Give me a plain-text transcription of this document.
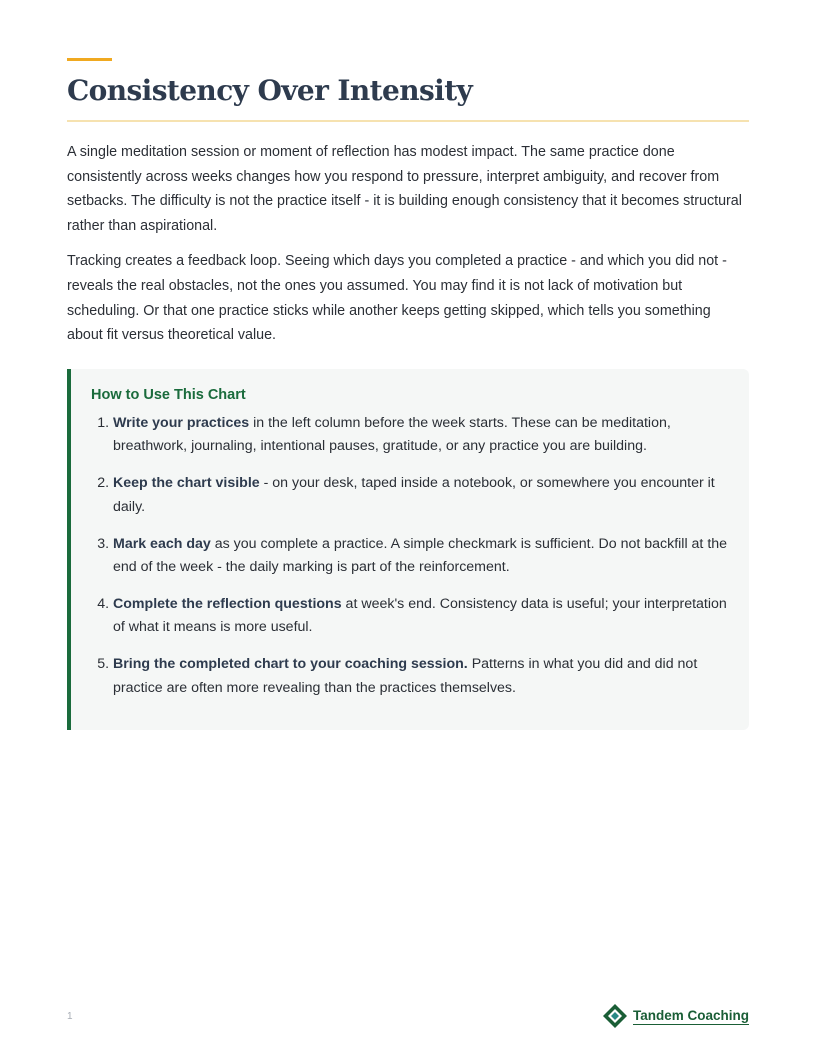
Consistency Over Intensity

A single meditation session or moment of reflection has modest impact. The same practice done consistently across weeks changes how you respond to pressure, interpret ambiguity, and recover from setbacks. The difficulty is not the practice itself - it is building enough consistency that it becomes structural rather than aspirational.

Tracking creates a feedback loop. Seeing which days you completed a practice - and which you did not - reveals the real obstacles, not the ones you assumed. You may find it is not lack of motivation but scheduling. Or that one practice sticks while another keeps getting skipped, which tells you something about fit versus theoretical value.

How to Use This Chart
1. Write your practices in the left column before the week starts. These can be meditation, breathwork, journaling, intentional pauses, gratitude, or any practice you are building.
2. Keep the chart visible - on your desk, taped inside a notebook, or somewhere you encounter it daily.
3. Mark each day as you complete a practice. A simple checkmark is sufficient. Do not backfill at the end of the week - the daily marking is part of the reinforcement.
4. Complete the reflection questions at week's end. Consistency data is useful; your interpretation of what it means is more useful.
5. Bring the completed chart to your coaching session. Patterns in what you did and did not practice are often more revealing than the practices themselves.
1	Tandem Coaching
